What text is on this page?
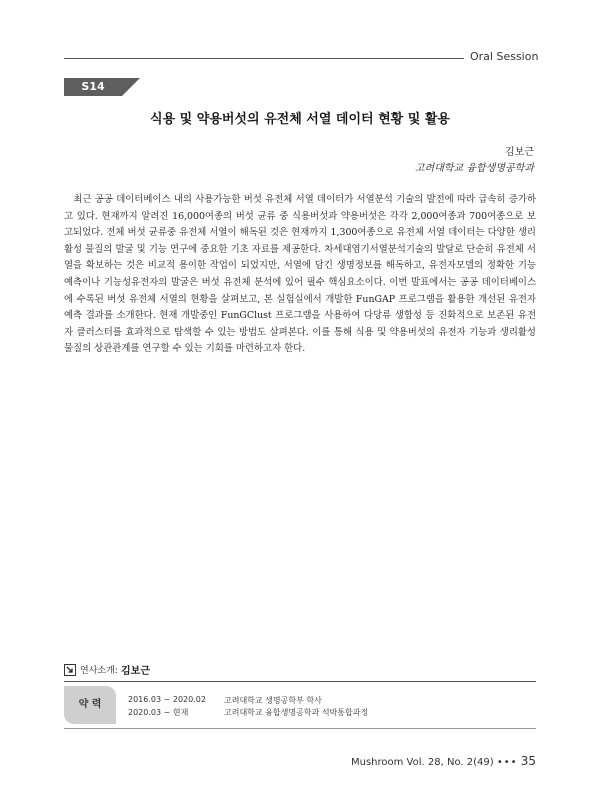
Oral Session
S14
식용 및 약용버섯의 유전체 서열 데이터 현황 및 활용
김보근
고려대학교 융합생명공학과

최근 공공 데이터베이스 내의 사용가능한 버섯 유전체 서열 데이터가 서열분석 기술의 발전에 따라 급속히 증가하고 있다. 현재까지 알려진 16,000여종의 버섯 균류 중 식용버섯과 약용버섯은 각각 2,000여종과 700여종으로 보고되었다. 전체 버섯 균류중 유전체 서열이 해독된 것은 현재까지 1,300여종으로 유전체 서열 데이터는 다양한 생리활성 물질의 발굴 및 기능 연구에 중요한 기초 자료를 제공한다. 차세대염기서열분석기술의 발달로 단순히 유전체 서열을 확보하는 것은 비교적 용이한 작업이 되었지만, 서열에 담긴 생명정보를 해독하고, 유전자모델의 정확한 기능 예측이나 기능성유전자의 발굴은 버섯 유전체 분석에 있어 필수 핵심요소이다. 이번 발표에서는 공공 데이터베이스에 수록된 버섯 유전체 서열의 현황을 살펴보고, 본 실험실에서 개발한 FunGAP 프로그램을 활용한 개선된 유전자 예측 결과를 소개한다. 현재 개발중인 FunGClust 프로그램을 사용하여 다당류 생합성 등 진화적으로 보존된 유전자 클러스터를 효과적으로 탐색할 수 있는 방법도 살펴본다. 이를 통해 식용 및 약용버섯의 유전자 기능과 생리활성 물질의 상관관계를 연구할 수 있는 기회를 마련하고자 한다.

연사소개: 김보근
약 력	2016.03 ~ 2020.02 고려대학교 생명공학부 학사
2020.03 ~ 현재	고려대학교 융합생명공학과 석박통합과정
Mushroom Vol. 28, No. 2(49) ••• 35
